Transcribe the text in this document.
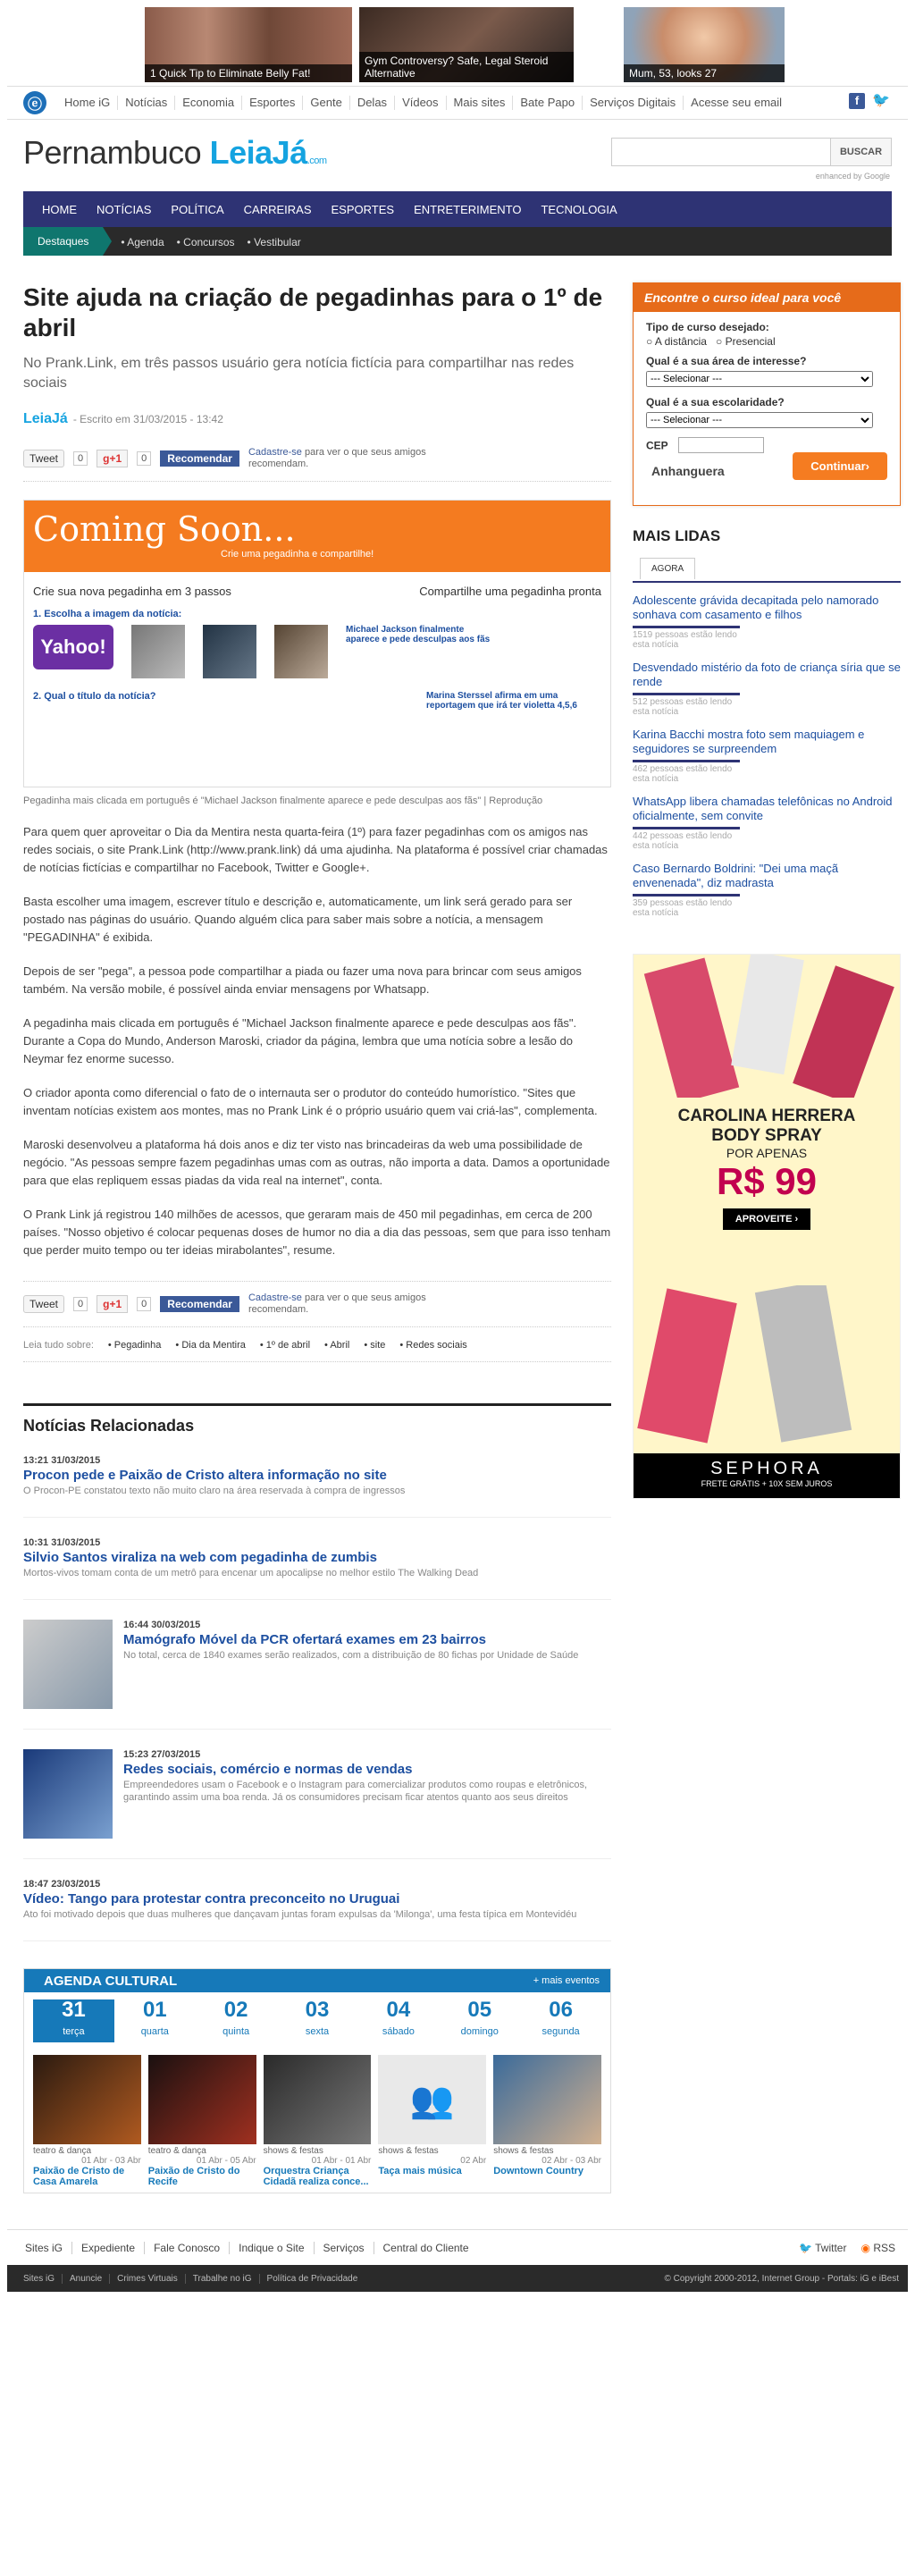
1 Quick Tip to Eliminate Belly Fat!
Gym Controversy? Safe, Legal Steroid Alternative	Mum, 53, looks 27
ⓔ	Home iG Notícias Economia Esportes Gente Delas Vídeos Mais sites Bate Papo Serviços Digitais Acesse seu email	f 🐦
Pernambuco LeiaJá.com
BUSCAR
enhanced by Google
HOME	NOTÍCIAS	POLÍTICA	CARREIRAS	ESPORTES	ENTRETERIMENTO	TECNOLOGIA
Destaques	• Agenda • Concursos • Vestibular
Site ajuda na criação de pegadinhas para o 1º de abril
No Prank.Link, em três passos usuário gera notícia fictícia para compartilhar nas redes sociais
LeiaJá - Escrito em 31/03/2015 - 13:42
Tweet	0	g+1	0	Recomendar	Cadastre-se para ver o que seus amigos recomendam.
Coming Soon...
Crie uma pegadinha e compartilhe!
Crie sua nova pegadinha em 3 passos	Compartilhe uma pegadinha pronta
1. Escolha a imagem da notícia:
Yahoo!
Michael Jackson finalmente aparece e pede desculpas aos fãs
2. Qual o título da notícia?	Marina Sterssel afirma em uma reportagem que irá ter violetta 4,5,6
Pegadinha mais clicada em português é "Michael Jackson finalmente aparece e pede desculpas aos fãs" | Reprodução

Para quem quer aproveitar o Dia da Mentira nesta quarta-feira (1º) para fazer pegadinhas com os amigos nas redes sociais, o site Prank.Link (http://www.prank.link) dá uma ajudinha. Na plataforma é possível criar chamadas de notícias fictícias e compartilhar no Facebook, Twitter e Google+.

Basta escolher uma imagem, escrever título e descrição e, automaticamente, um link será gerado para ser postado nas páginas do usuário. Quando alguém clica para saber mais sobre a notícia, a mensagem "PEGADINHA" é exibida.

Depois de ser "pega", a pessoa pode compartilhar a piada ou fazer uma nova para brincar com seus amigos também. Na versão mobile, é possível ainda enviar mensagens por Whatsapp.

A pegadinha mais clicada em português é "Michael Jackson finalmente aparece e pede desculpas aos fãs". Durante a Copa do Mundo, Anderson Maroski, criador da página, lembra que uma notícia sobre a lesão do Neymar fez enorme sucesso.

O criador aponta como diferencial o fato de o internauta ser o produtor do conteúdo humorístico. "Sites que inventam notícias existem aos montes, mas no Prank Link é o próprio usuário quem vai criá-las", complementa.

Maroski desenvolveu a plataforma há dois anos e diz ter visto nas brincadeiras da web uma possibilidade de negócio. "As pessoas sempre fazem pegadinhas umas com as outras, não importa a data. Damos a oportunidade para que elas repliquem essas piadas da vida real na internet", conta.

O Prank Link já registrou 140 milhões de acessos, que geraram mais de 450 mil pegadinhas, em cerca de 200 países. "Nosso objetivo é colocar pequenas doses de humor no dia a dia das pessoas, sem que para isso tenham que perder muito tempo ou ter ideias mirabolantes", resume.

Tweet	0	g+1	0	Recomendar	Cadastre-se para ver o que seus amigos recomendam.
Leia tudo sobre: • Pegadinha • Dia da Mentira • 1º de abril • Abril • site • Redes sociais
Notícias Relacionadas
13:21 31/03/2015
Procon pede e Paixão de Cristo altera informação no site
O Procon-PE constatou texto não muito claro na área reservada à compra de ingressos
10:31 31/03/2015
Silvio Santos viraliza na web com pegadinha de zumbis
Mortos-vivos tomam conta de um metrô para encenar um apocalipse no melhor estilo The Walking Dead
16:44 30/03/2015
Mamógrafo Móvel da PCR ofertará exames em 23 bairros
No total, cerca de 1840 exames serão realizados, com a distribuição de 80 fichas por Unidade de Saúde
15:23 27/03/2015
Redes sociais, comércio e normas de vendas
Empreendedores usam o Facebook e o Instagram para comercializar produtos como roupas e eletrônicos, garantindo assim uma boa renda. Já os consumidores precisam ficar atentos quanto aos seus direitos
18:47 23/03/2015
Vídeo: Tango para protestar contra preconceito no Uruguai
Ato foi motivado depois que duas mulheres que dançavam juntas foram expulsas da 'Milonga', uma festa típica em Montevidéu
AGENDA CULTURAL	+ mais eventos
31
terça
01
quarta
02
quinta
03
sexta
04
sábado
05
domingo
06
segunda
teatro & dança
01 Abr - 03 Abr
Paixão de Cristo de Casa Amarela
teatro & dança
01 Abr - 05 Abr
Paixão de Cristo do Recife
shows & festas
01 Abr - 01 Abr
Orquestra Criança Cidadã realiza conce...
👥
shows & festas
02 Abr
Taça mais música
shows & festas
02 Abr - 03 Abr
Downtown Country
Encontre o curso ideal para você
Tipo de curso desejado:
○ A distância ○ Presencial
Qual é a sua área de interesse?
--- Selecionar ---
Qual é a sua escolaridade?
--- Selecionar ---
CEP
Anhanguera	Continuar›
MAIS LIDAS
AGORA
Adolescente grávida decapitada pelo namorado sonhava com casamento e filhos
1519 pessoas estão lendo esta notícia
Desvendado mistério da foto de criança síria que se rende
512 pessoas estão lendo esta notícia
Karina Bacchi mostra foto sem maquiagem e seguidores se surpreendem
462 pessoas estão lendo esta notícia
WhatsApp libera chamadas telefônicas no Android oficialmente, sem convite
442 pessoas estão lendo esta notícia
Caso Bernardo Boldrini: "Dei uma maçã envenenada", diz madrasta
359 pessoas estão lendo esta notícia
CAROLINA HERRERA
BODY SPRAY
POR APENAS
R$ 99
APROVEITE ›
SEPHORA
FRETE GRÁTIS + 10X SEM JUROS
Sites iG Expediente Fale Conosco Indique o Site Serviços Central do Cliente	🐦 Twitter ◉ RSS
Sites iG Anuncie Crimes Virtuais Trabalhe no iG Política de Privacidade	© Copyright 2000-2012, Internet Group - Portals: iG e iBest
